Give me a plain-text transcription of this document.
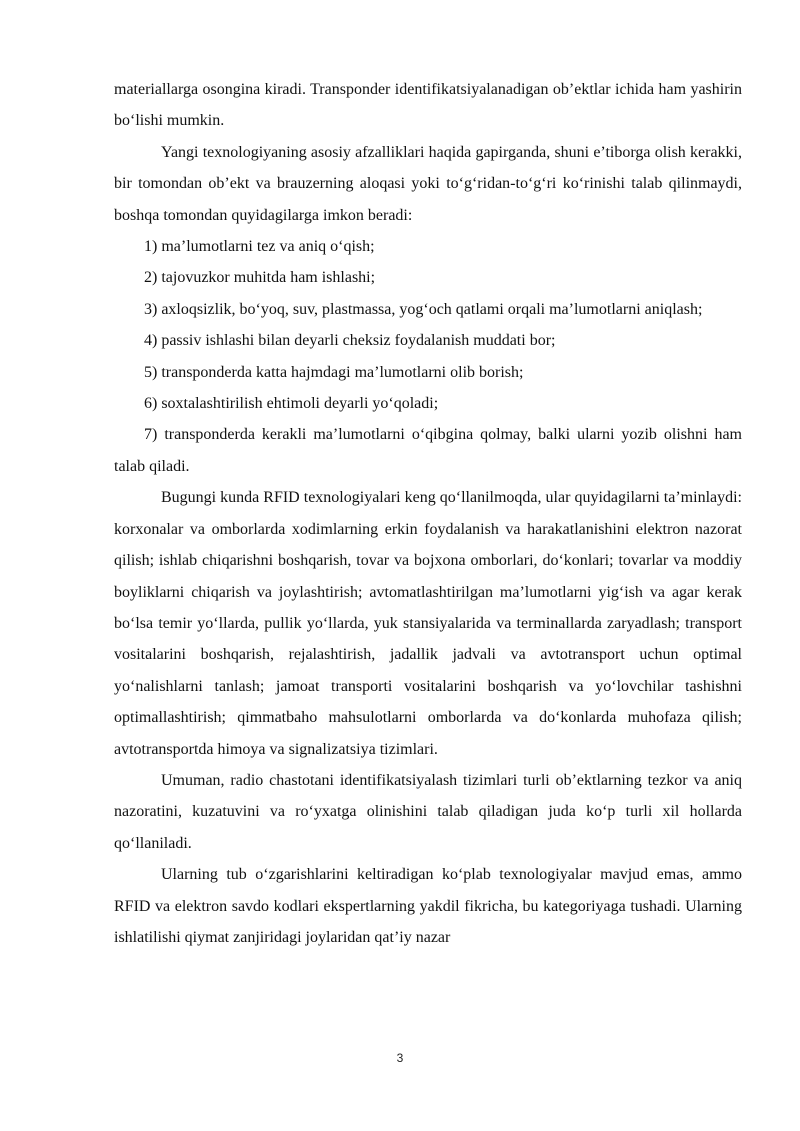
materiallarga osongina kiradi. Transponder identifikatsiyalanadigan ob’ektlar ichida ham yashirin bo‘lishi mumkin.

Yangi texnologiyaning asosiy afzalliklari haqida gapirganda, shuni e’tiborga olish kerakki, bir tomondan ob’ekt va brauzerning aloqasi yoki to‘g‘ridan-to‘g‘ri ko‘rinishi talab qilinmaydi, boshqa tomondan quyidagilarga imkon beradi:

1) ma’lumotlarni tez va aniq o‘qish;

2) tajovuzkor muhitda ham ishlashi;

3) axloqsizlik, bo‘yoq, suv, plastmassa, yog‘och qatlami orqali ma’lumotlarni aniqlash;

4) passiv ishlashi bilan deyarli cheksiz foydalanish muddati bor;

5) transponderda katta hajmdagi ma’lumotlarni olib borish;

6) soxtalashtirilish ehtimoli deyarli yo‘qoladi;

7) transponderda kerakli ma’lumotlarni o‘qibgina qolmay, balki ularni yozib olishni ham talab qiladi.

Bugungi kunda RFID texnologiyalari keng qo‘llanilmoqda, ular quyidagilarni ta’minlaydi: korxonalar va omborlarda xodimlarning erkin foydalanish va harakatlanishini elektron nazorat qilish; ishlab chiqarishni boshqarish, tovar va bojxona omborlari, do‘konlari; tovarlar va moddiy boyliklarni chiqarish va joylashtirish; avtomatlashtirilgan ma’lumotlarni yig‘ish va agar kerak bo‘lsa temir yo‘llarda, pullik yo‘llarda, yuk stansiyalarida va terminallarda zaryadlash; transport vositalarini boshqarish, rejalashtirish, jadallik jadvali va avtotransport uchun optimal yo‘nalishlarni tanlash; jamoat transporti vositalarini boshqarish va yo‘lovchilar tashishni optimallashtirish; qimmatbaho mahsulotlarni omborlarda va do‘konlarda muhofaza qilish; avtotransportda himoya va signalizatsiya tizimlari.

Umuman, radio chastotani identifikatsiyalash tizimlari turli ob’ektlarning tezkor va aniq nazoratini, kuzatuvini va ro‘yxatga olinishini talab qiladigan juda ko‘p turli xil hollarda qo‘llaniladi.

Ularning tub o‘zgarishlarini keltiradigan ko‘plab texnologiyalar mavjud emas, ammo RFID va elektron savdo kodlari ekspertlarning yakdil fikricha, bu kategoriyaga tushadi. Ularning ishlatilishi qiymat zanjiridagi joylaridan qat’iy nazar

3
